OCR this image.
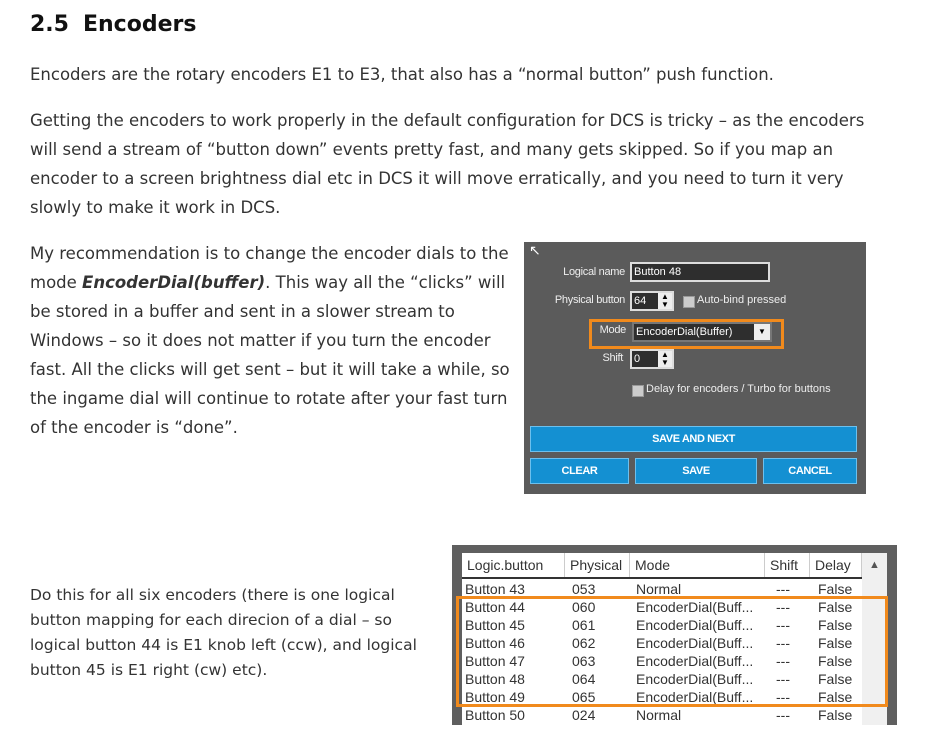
2.5 Encoders

Encoders are the rotary encoders E1 to E3, that also has a “normal button” push function.

Getting the encoders to work properly in the default configuration for DCS is tricky – as the encoders will send a stream of “button down” events pretty fast, and many gets skipped. So if you map an encoder to a screen brightness dial etc in DCS it will move erratically, and you need to turn it very slowly to make it work in DCS.

My recommendation is to change the encoder dials to the mode EncoderDial(buffer). This way all the “clicks” will be stored in a buffer and sent in a slower stream to Windows – so it does not matter if you turn the encoder fast. All the clicks will get sent – but it will take a while, so the ingame dial will continue to rotate after your fast turn of the encoder is “done”.

Do this for all six encoders (there is one logical button mapping for each direcion of a dial – so logical button 44 is E1 knob left (ccw), and logical button 45 is E1 right (cw) etc).

↖
Logical name Button 48
Physical button 64	▲
▼	Auto-bind pressed
Mode EncoderDial(Buffer)	▼
Shift	0	▲
▼
Delay for encoders / Turbo for buttons
SAVE AND NEXT
CLEAR	SAVE	CANCEL
Logic.button	Physical Mode	Shift	Delay	▲
Button 43	053	Normal	--- False
Button 44	060	EncoderDial(Buff... --- False
Button 45	061	EncoderDial(Buff... --- False
Button 46	062	EncoderDial(Buff... --- False
Button 47	063	EncoderDial(Buff... --- False
Button 48	064	EncoderDial(Buff... --- False
Button 49	065	EncoderDial(Buff... --- False
Button 50	024	Normal	--- False
